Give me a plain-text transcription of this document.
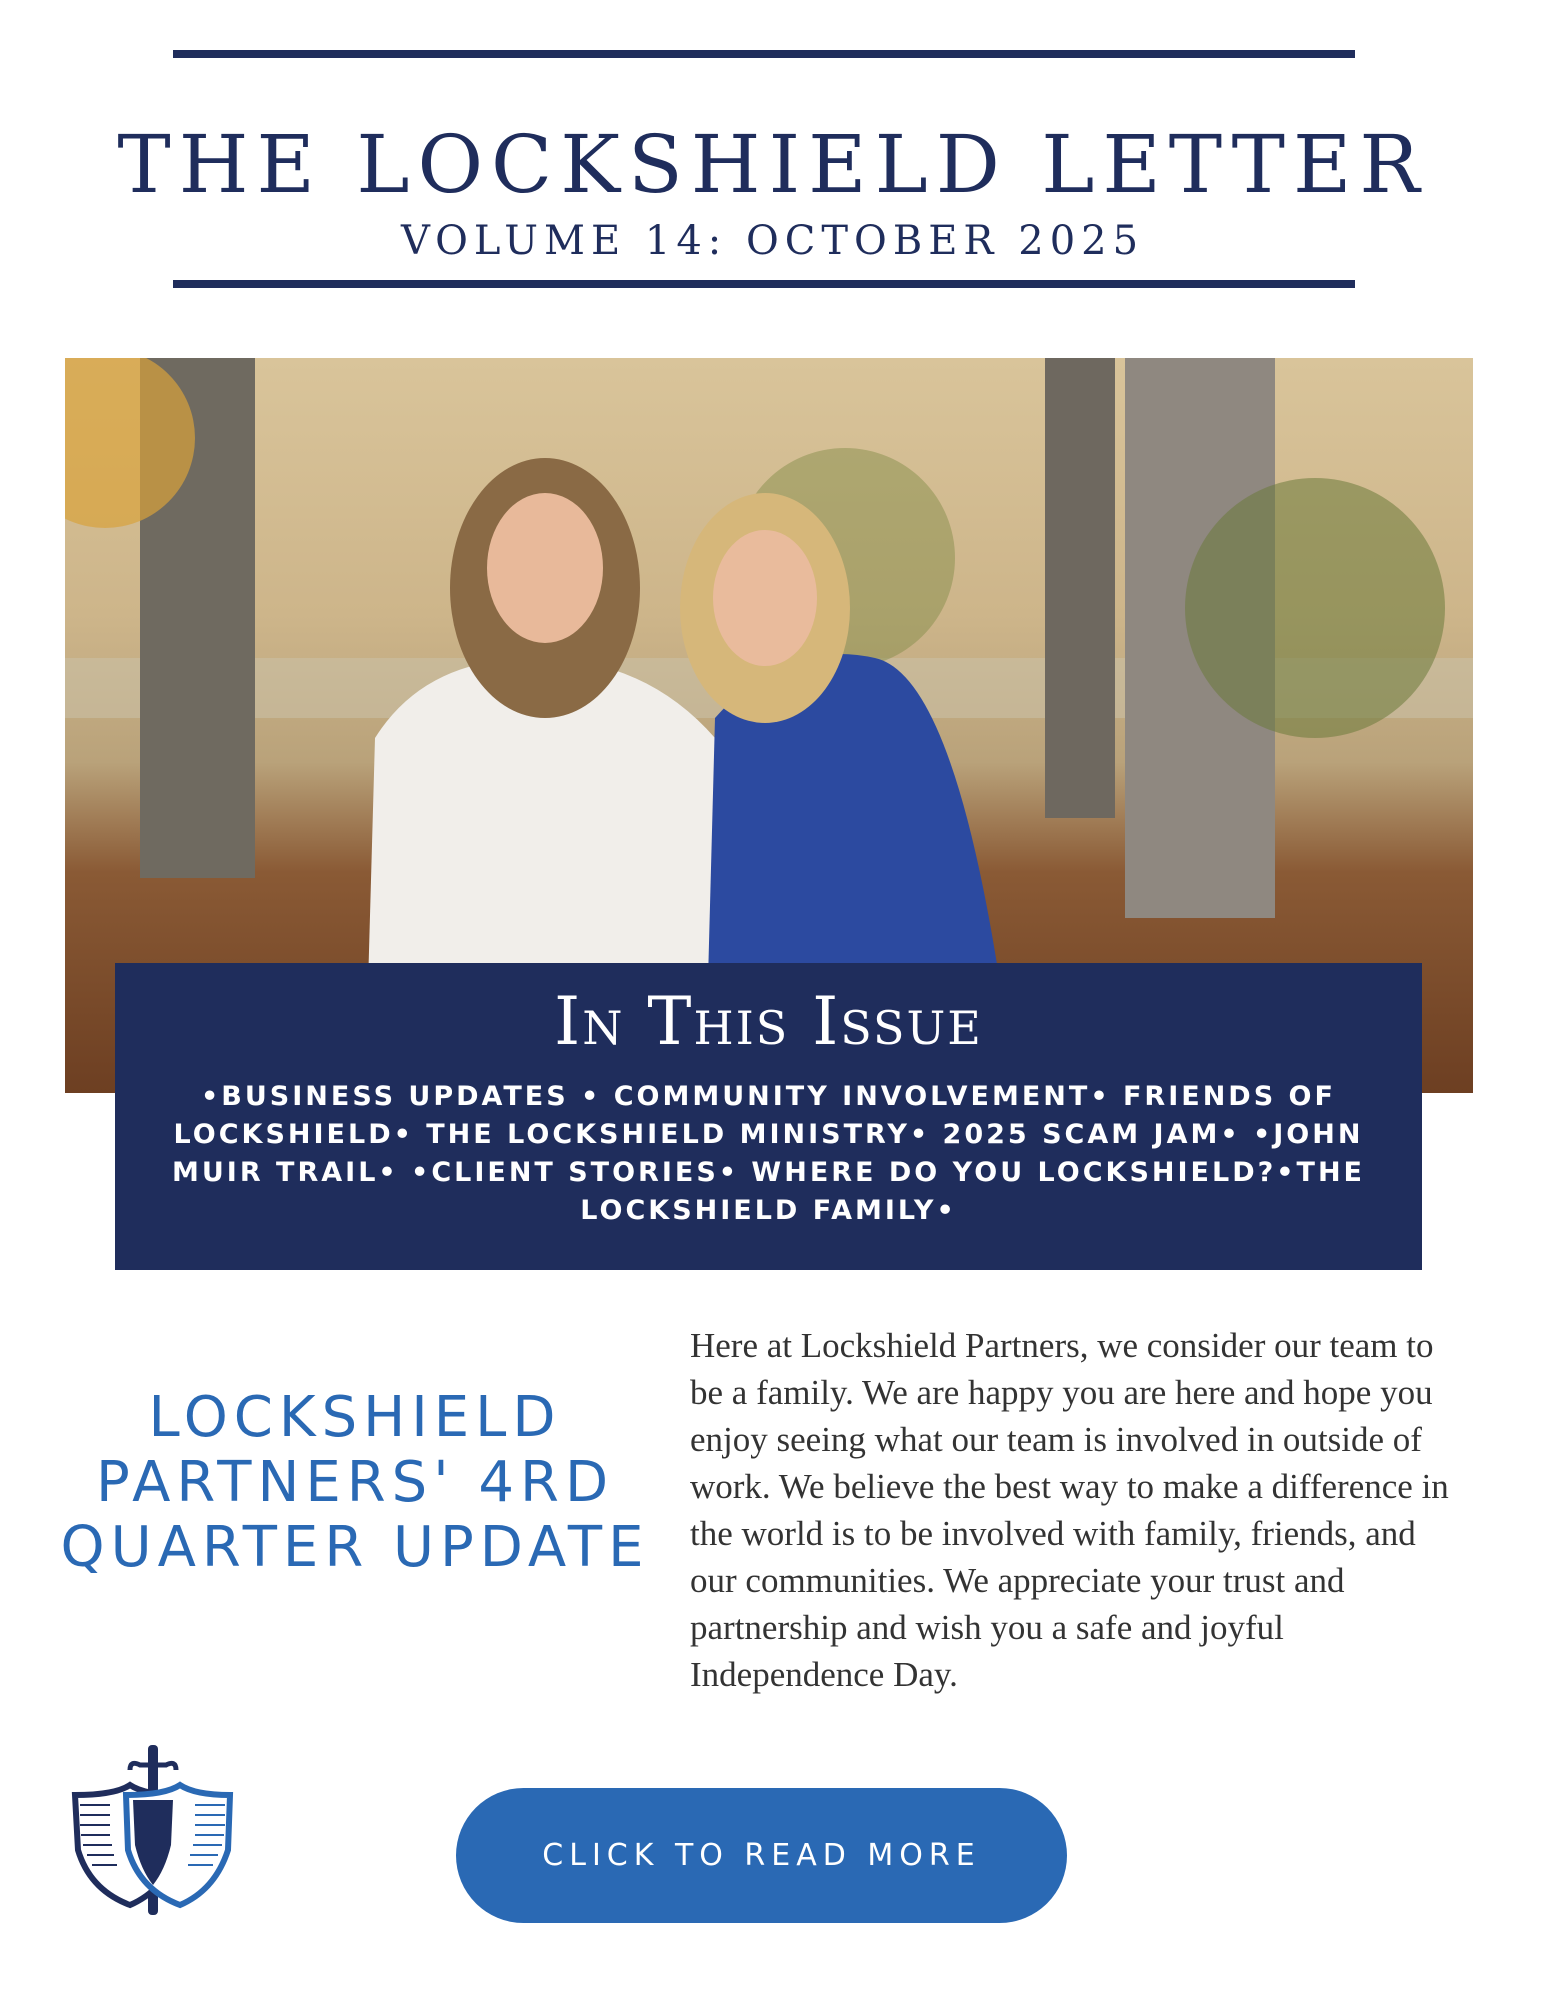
THE LOCKSHIELD LETTER
VOLUME 14: OCTOBER 2025
In This Issue

•BUSINESS UPDATES • COMMUNITY INVOLVEMENT• FRIENDS OF LOCKSHIELD• THE LOCKSHIELD MINISTRY• 2025 SCAM JAM• •JOHN MUIR TRAIL• •CLIENT STORIES• WHERE DO YOU LOCKSHIELD?•THE LOCKSHIELD FAMILY•

LOCKSHIELD PARTNERS' 4RD QUARTER UPDATE

Here at Lockshield Partners, we consider our team to be a family. We are happy you are here and hope you enjoy seeing what our team is involved in outside of work. We believe the best way to make a difference in the world is to be involved with family, friends, and our communities. We appreciate your trust and partnership and wish you a safe and joyful Independence Day.

CLICK TO READ MORE
